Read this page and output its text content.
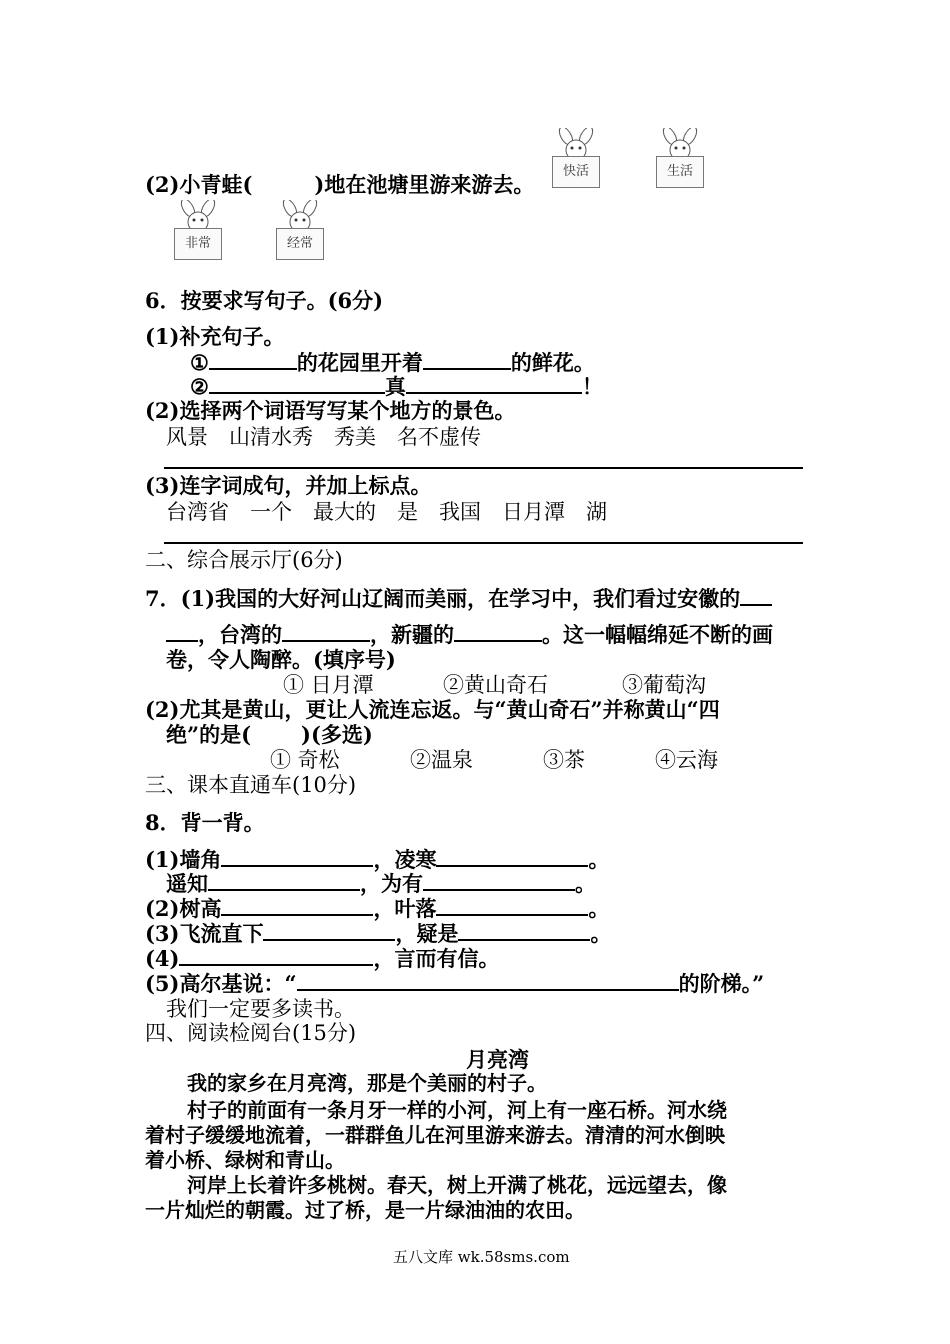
(2)小青蛙(	)地在池塘里游来游去。
快活	生活
非常	经常
6．按要求写句子。(6分)
(1)补充句子。
①	的花园里开着	的鲜花。
②	真	！
(2)选择两个词语写写某个地方的景色。
风景　山清水秀　秀美　名不虚传
(3)连字词成句，并加上标点。
台湾省　一个　最大的　是　我国　日月潭　湖
二、综合展示厅(6分)
7．(1)我国的大好河山辽阔而美丽，在学习中，我们看过安徽的
，台湾的	，新疆的	。这一幅幅绵延不断的画
卷，令人陶醉。(填序号)
① 日月潭	②黄山奇石	③葡萄沟
(2)尤其是黄山，更让人流连忘返。与“黄山奇石”并称黄山“四
绝”的是( )(多选)
① 奇松	②温泉	③茶	④云海
三、课本直通车(10分)
8．背一背。
(1)墙角	，凌寒	。
遥知	，为有	。
(2)树高	，叶落	。
(3)飞流直下	，疑是	。
(4)	，言而有信。
(5)高尔基说：“	的阶梯。”
我们一定要多读书。
四、阅读检阅台(15分)
月亮湾
我的家乡在月亮湾，那是个美丽的村子。
村子的前面有一条月牙一样的小河，河上有一座石桥。河水绕
着村子缓缓地流着，一群群鱼儿在河里游来游去。清清的河水倒映
着小桥、绿树和青山。
河岸上长着许多桃树。春天，树上开满了桃花，远远望去，像
一片灿烂的朝霞。过了桥，是一片绿油油的农田。
五八文库 wk.58sms.com
